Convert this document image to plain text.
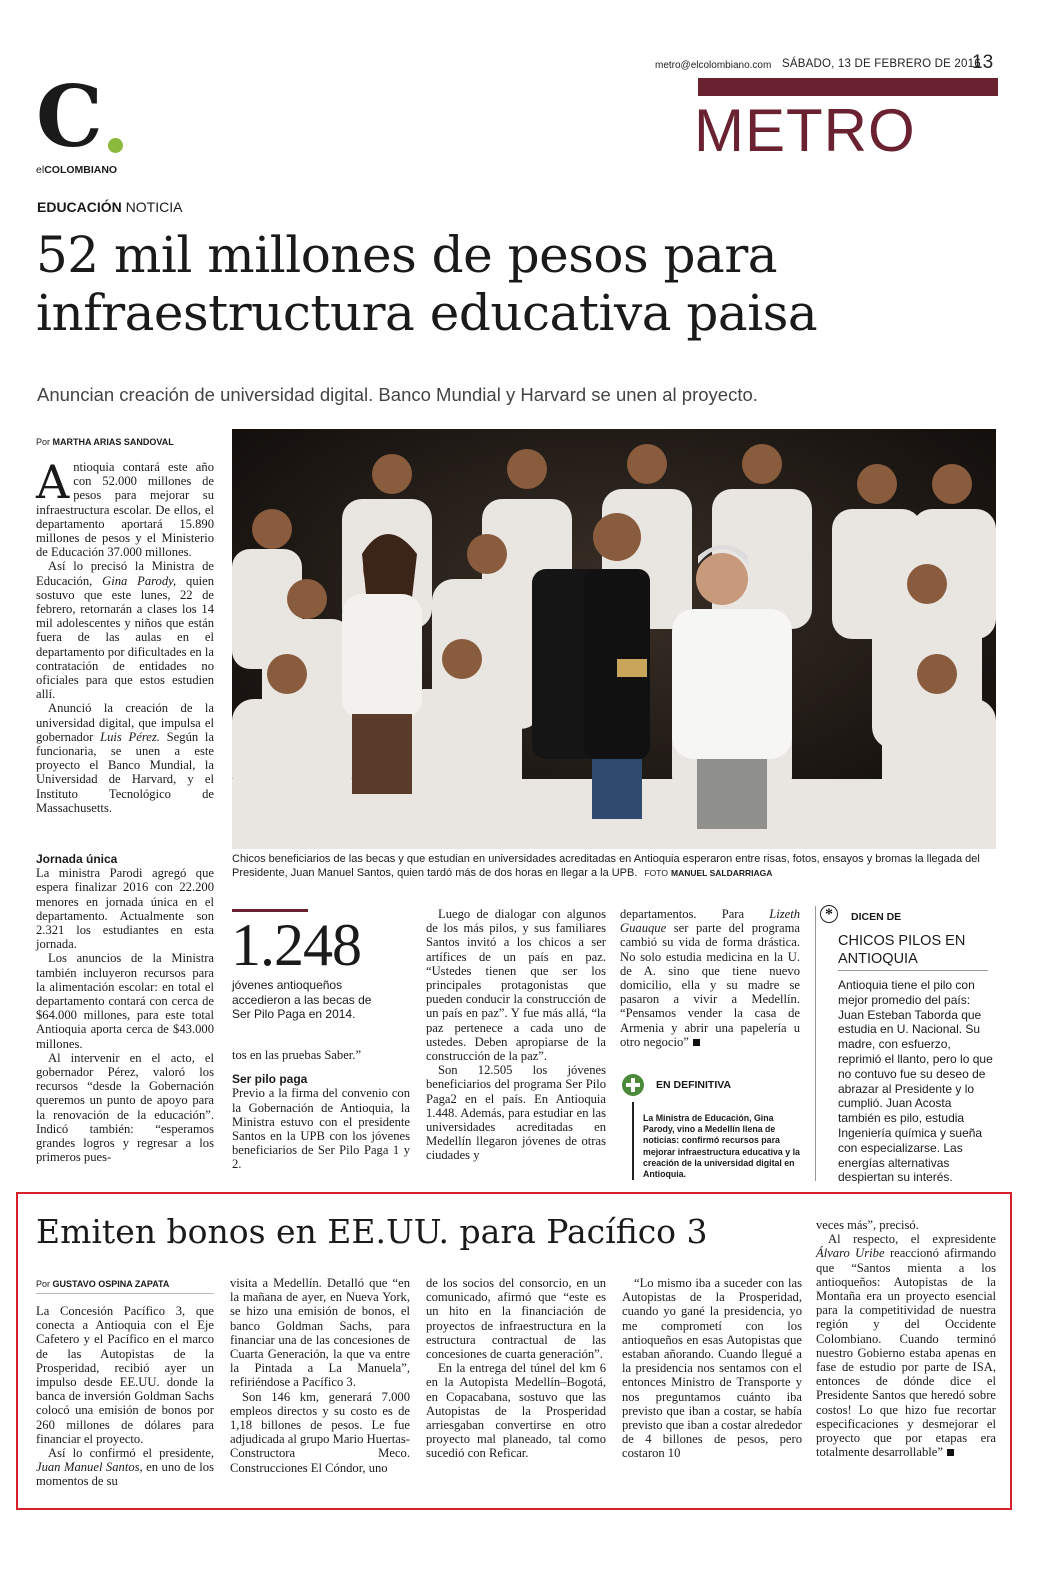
metro@elcolombiano.com SÁBADO, 13 DE FEBRERO DE 2016
13
METRO
C
elCOLOMBIANO
EDUCACIÓN NOTICIA
52 mil millones de pesos para
infraestructura educativa paisa
Anuncian creación de universidad digital. Banco Mundial y Harvard se unen al proyecto.
Por MARTHA ARIAS SANDOVAL
Chicos beneficiarios de las becas y que estudian en universidades acreditadas en Antioquia esperaron entre risas, fotos, ensayos y bromas la llegada del Presidente, Juan Manuel Santos, quien tardó más de dos horas en llegar a la UPB. FOTO MANUEL SALDARRIAGA

Antioquia contará este año con 52.000 millones de pesos para mejorar su infraestructura escolar. De ellos, el departamento aportará 15.890 millones de pesos y el Ministerio de Educación 37.000 millones.

Así lo precisó la Ministra de Educación, Gina Parody, quien sostuvo que este lunes, 22 de febrero, retornarán a clases los 14 mil adolescentes y niños que están fuera de las aulas en el departamento por dificultades en la contratación de entidades no oficiales para que estos estudien allí.

Anunció la creación de la universidad digital, que impulsa el gobernador Luis Pérez. Según la funcionaria, se unen a este proyecto el Banco Mundial, la Universidad de Harvard, y el Instituto Tecnológico de Massachusetts.

Jornada única

La ministra Parodi agregó que espera finalizar 2016 con 22.200 menores en jornada única en el departamento. Actualmente son 2.321 los estudiantes en esta jornada.

Los anuncios de la Ministra también incluyeron recursos para la alimentación escolar: en total el departamento contará con cerca de $64.000 millones, para este total Antioquia aporta cerca de $43.000 millones.

Al intervenir en el acto, el gobernador Pérez, valoró los recursos “desde la Gobernación queremos un punto de apoyo para la renovación de la educación”. Indicó también: “esperamos grandes logros y regresar a los primeros pues-

1.248
jóvenes antioqueños accedieron a las becas de Ser Pilo Paga en 2014.

tos en las pruebas Saber.”

Ser pilo paga

Previo a la firma del convenio con la Gobernación de Antioquia, la Ministra estuvo con el presidente Santos en la UPB con los jóvenes beneficiarios de Ser Pilo Paga 1 y 2.

Luego de dialogar con algunos de los más pilos, y sus familiares Santos invitó a los chicos a ser artífices de un país en paz. “Ustedes tienen que ser los principales protagonistas que pueden conducir la construcción de un país en paz”. Y fue más allá, “la paz pertenece a cada uno de ustedes. Deben apropiarse de la construcción de la paz”.

Son 12.505 los jóvenes beneficiarios del programa Ser Pilo Paga2 en el país. En Antioquia 1.448. Además, para estudiar en las universidades acreditadas en Medellín llegaron jóvenes de otras ciudades y

departamentos. Para Lizeth Guauque ser parte del programa cambió su vida de forma drástica. No solo estudia medicina en la U. de A. sino que tiene nuevo domicilio, ella y su madre se pasaron a vivir a Medellín. “Pensamos vender la casa de Armenia y abrir una papelería u otro negocio”

EN DEFINITIVA
La Ministra de Educación, Gina Parody, vino a Medellín llena de noticias: confirmó recursos para mejorar infraestructura educativa y la creación de la universidad digital en Antioquia.
*	DICEN DE
CHICOS PILOS EN ANTIOQUIA
Antioquia tiene el pilo con mejor promedio del país: Juan Esteban Taborda que estudia en U. Nacional. Su madre, con esfuerzo, reprimió el llanto, pero lo que no contuvo fue su deseo de abrazar al Presidente y lo cumplió. Juan Acosta también es pilo, estudia Ingeniería química y sueña con especializarse. Las energías alternativas despiertan su interés.
Emiten bonos en EE.UU. para Pacífico 3
Por GUSTAVO OSPINA ZAPATA

La Concesión Pacífico 3, que conecta a Antioquia con el Eje Cafetero y el Pacífico en el marco de las Autopistas de la Prosperidad, recibió ayer un impulso desde EE.UU. donde la banca de inversión Goldman Sachs colocó una emisión de bonos por 260 millones de dólares para financiar el proyecto.

Así lo confirmó el presidente, Juan Manuel Santos, en uno de los momentos de su

visita a Medellín. Detalló que “en la mañana de ayer, en Nueva York, se hizo una emisión de bonos, el banco Goldman Sachs, para financiar una de las concesiones de Cuarta Generación, la que va entre la Pintada a La Manuela”, refiriéndose a Pacífico 3.

Son 146 km, generará 7.000 empleos directos y su costo es de 1,18 billones de pesos. Le fue adjudicada al grupo Mario Huertas-Constructora Meco. Construcciones El Cóndor, uno

de los socios del consorcio, en un comunicado, afirmó que “este es un hito en la financiación de proyectos de infraestructura en la estructura contractual de las concesiones de cuarta generación”.

En la entrega del túnel del km 6 en la Autopista Medellín–Bogotá, en Copacabana, sostuvo que las Autopistas de la Prosperidad arriesgaban convertirse en otro proyecto mal planeado, tal como sucedió con Reficar.

“Lo mismo iba a suceder con las Autopistas de la Prosperidad, cuando yo gané la presidencia, yo me comprometí con los antioqueños en esas Autopistas que estaban añorando. Cuando llegué a la presidencia nos sentamos con el entonces Ministro de Transporte y nos preguntamos cuánto iba previsto que iban a costar, se había previsto que iban a costar alrededor de 4 billones de pesos, pero costaron 10

veces más”, precisó.

Al respecto, el expresidente Álvaro Uribe reaccionó afirmando que “Santos mienta a los antioqueños: Autopistas de la Montaña era un proyecto esencial para la competitividad de nuestra región y del Occidente Colombiano. Cuando terminó nuestro Gobierno estaba apenas en fase de estudio por parte de ISA, entonces de dónde dice el Presidente Santos que heredó sobre costos! Lo que hizo fue recortar especificaciones y desmejorar el proyecto que por etapas era totalmente desarrollable”
